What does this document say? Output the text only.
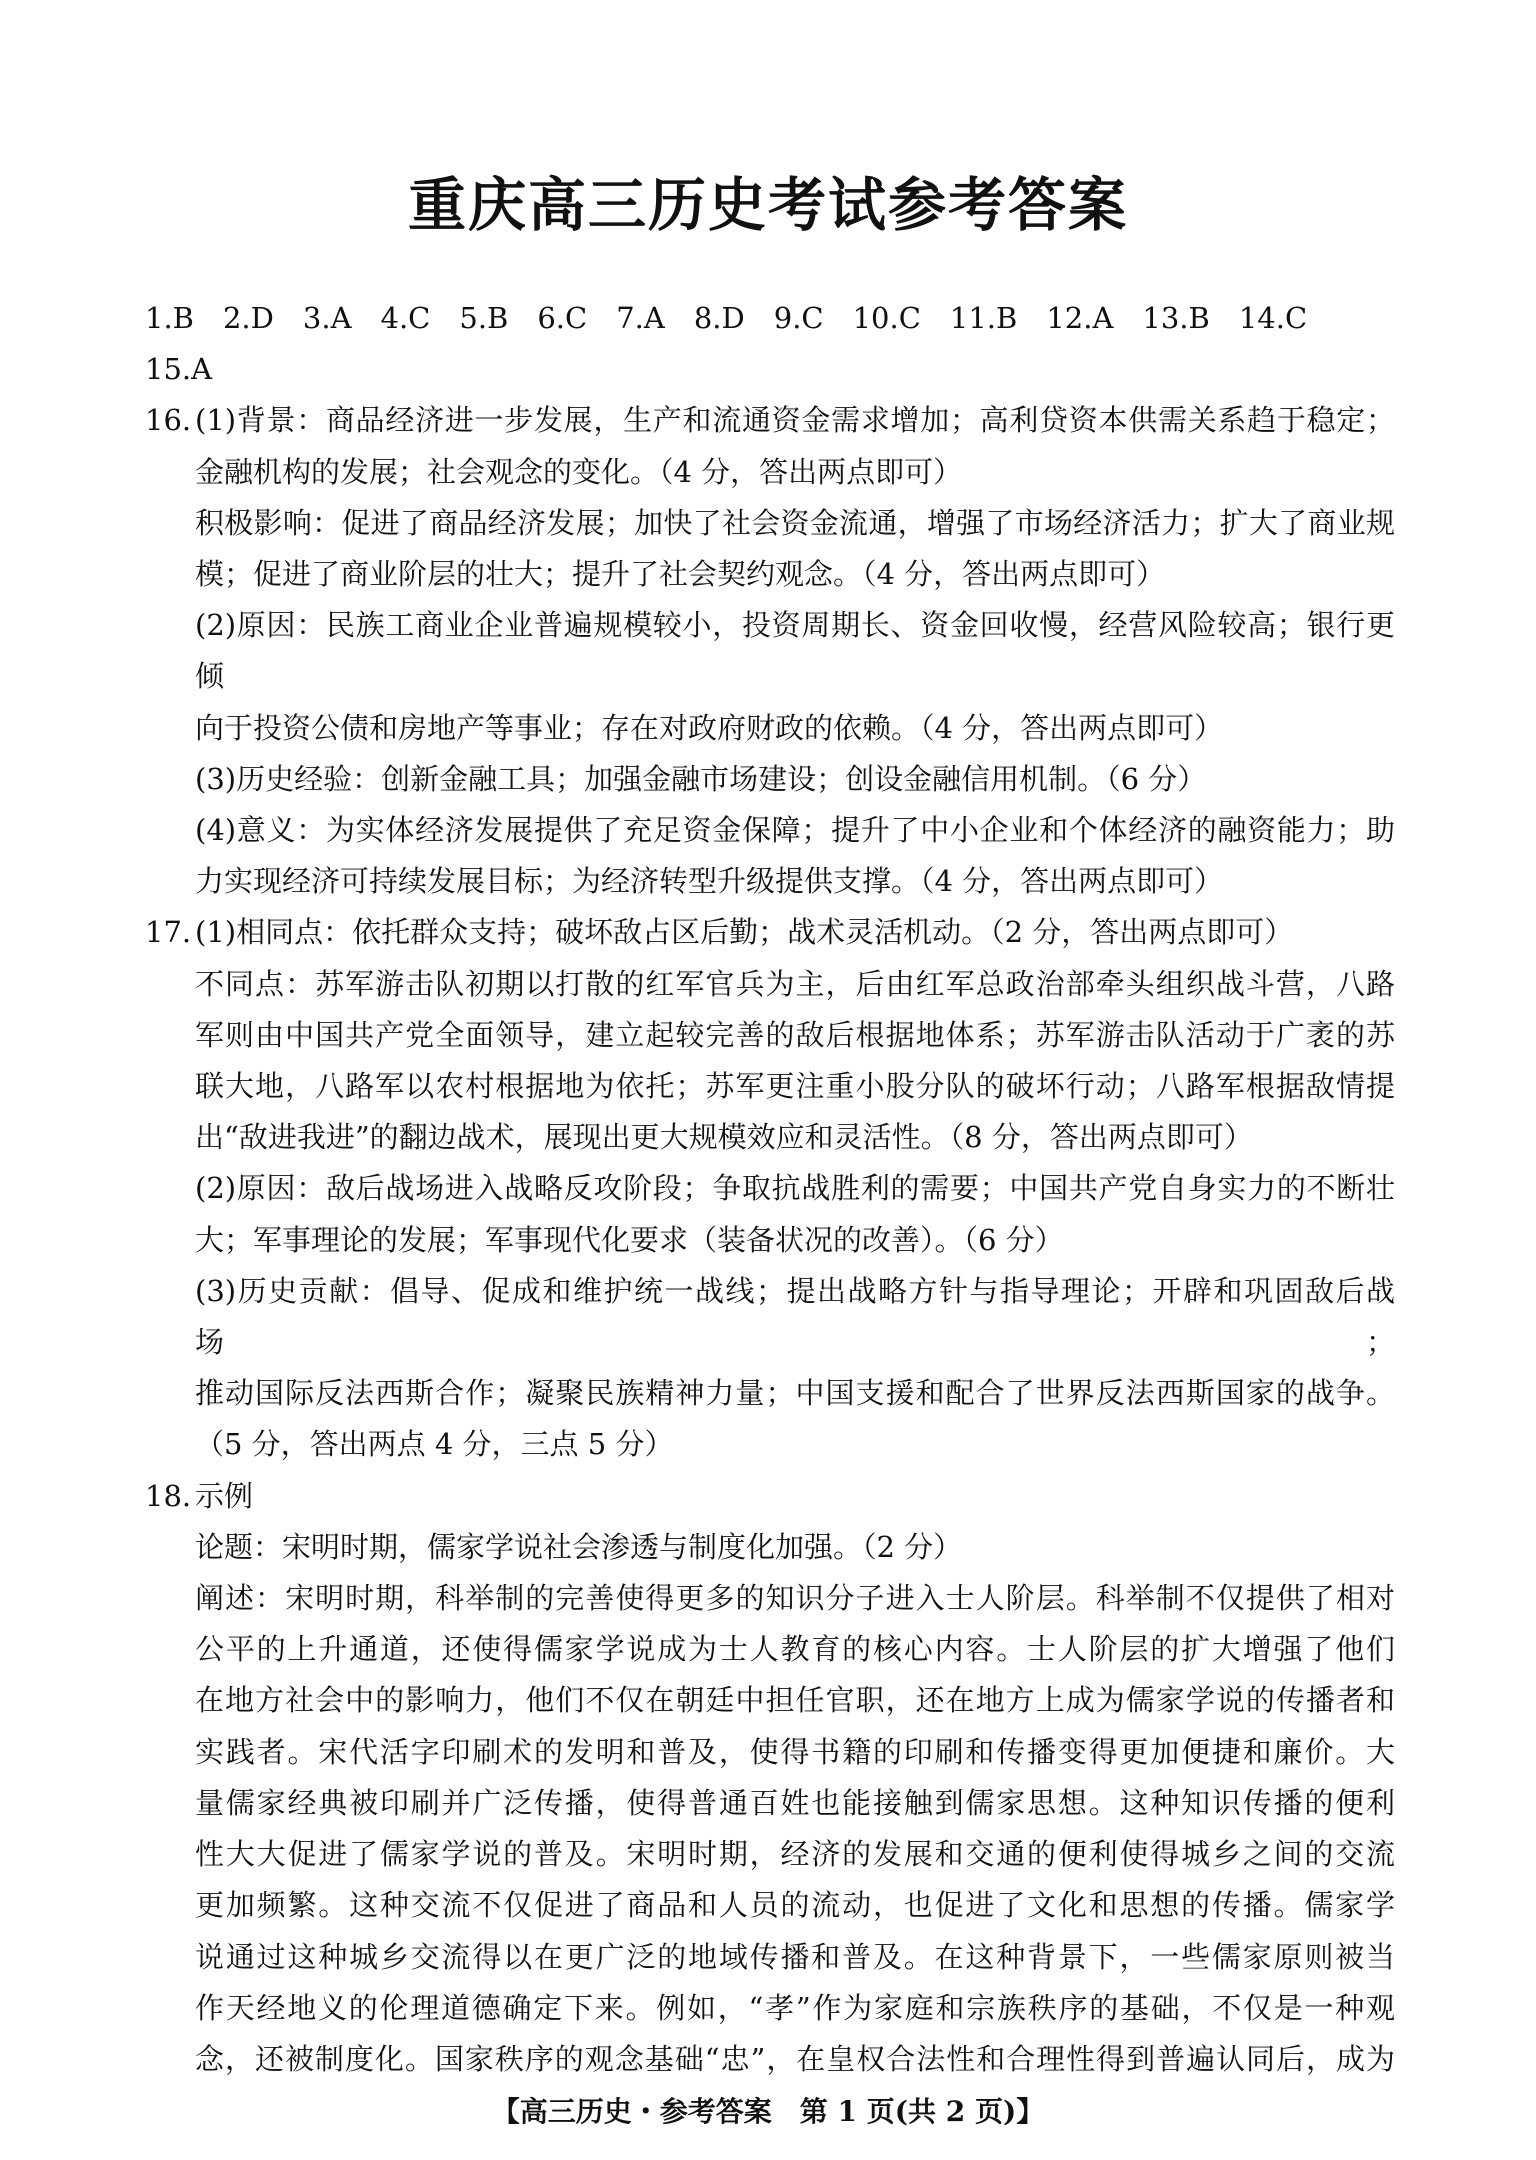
重庆高三历史考试参考答案
1.B　2.D　3.A　4.C　5.B　6.C　7.A　8.D　9.C　10.C　11.B　12.A　13.B　14.C
15.A
16. (1)背景：商品经济进一步发展，生产和流通资金需求增加；高利贷资本供需关系趋于稳定；
金融机构的发展；社会观念的变化。（4 分，答出两点即可）
积极影响：促进了商品经济发展；加快了社会资金流通，增强了市场经济活力；扩大了商业规
模；促进了商业阶层的壮大；提升了社会契约观念。（4 分，答出两点即可）
(2)原因：民族工商业企业普遍规模较小，投资周期长、资金回收慢，经营风险较高；银行更倾
向于投资公债和房地产等事业；存在对政府财政的依赖。（4 分，答出两点即可）
(3)历史经验：创新金融工具；加强金融市场建设；创设金融信用机制。（6 分）
(4)意义：为实体经济发展提供了充足资金保障；提升了中小企业和个体经济的融资能力；助
力实现经济可持续发展目标；为经济转型升级提供支撑。（4 分，答出两点即可）
17. (1)相同点：依托群众支持；破坏敌占区后勤；战术灵活机动。（2 分，答出两点即可）
不同点：苏军游击队初期以打散的红军官兵为主，后由红军总政治部牵头组织战斗营，八路
军则由中国共产党全面领导，建立起较完善的敌后根据地体系；苏军游击队活动于广袤的苏
联大地，八路军以农村根据地为依托；苏军更注重小股分队的破坏行动；八路军根据敌情提
出“敌进我进”的翻边战术，展现出更大规模效应和灵活性。（8 分，答出两点即可）
(2)原因：敌后战场进入战略反攻阶段；争取抗战胜利的需要；中国共产党自身实力的不断壮
大；军事理论的发展；军事现代化要求（装备状况的改善）。（6 分）
(3)历史贡献：倡导、促成和维护统一战线；提出战略方针与指导理论；开辟和巩固敌后战场；
推动国际反法西斯合作；凝聚民族精神力量；中国支援和配合了世界反法西斯国家的战争。
（5 分，答出两点 4 分，三点 5 分）
18. 示例
论题：宋明时期，儒家学说社会渗透与制度化加强。（2 分）
阐述：宋明时期，科举制的完善使得更多的知识分子进入士人阶层。科举制不仅提供了相对
公平的上升通道，还使得儒家学说成为士人教育的核心内容。士人阶层的扩大增强了他们
在地方社会中的影响力，他们不仅在朝廷中担任官职，还在地方上成为儒家学说的传播者和
实践者。宋代活字印刷术的发明和普及，使得书籍的印刷和传播变得更加便捷和廉价。大
量儒家经典被印刷并广泛传播，使得普通百姓也能接触到儒家思想。这种知识传播的便利
性大大促进了儒家学说的普及。宋明时期，经济的发展和交通的便利使得城乡之间的交流
更加频繁。这种交流不仅促进了商品和人员的流动，也促进了文化和思想的传播。儒家学
说通过这种城乡交流得以在更广泛的地域传播和普及。在这种背景下，一些儒家原则被当
作天经地义的伦理道德确定下来。例如，“孝”作为家庭和宗族秩序的基础，不仅是一种观
念，还被制度化。国家秩序的观念基础“忠”，在皇权合法性和合理性得到普遍认同后，成为
【高三历史・参考答案　第 1 页(共 2 页)】
